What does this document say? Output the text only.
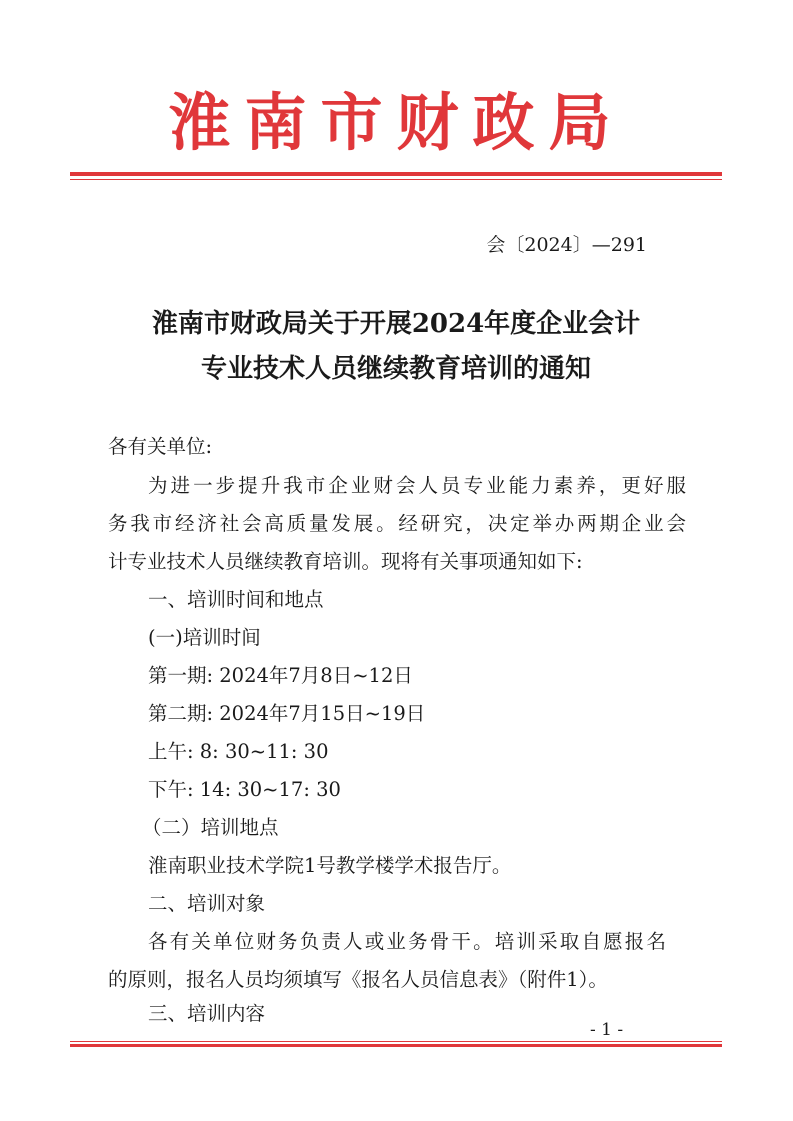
淮南市财政局
会〔2024〕—291
淮南市财政局关于开展2024年度企业会计
专业技术人员继续教育培训的通知
各有关单位:
为进一步提升我市企业财会人员专业能力素养，更好服
务我市经济社会高质量发展。经研究，决定举办两期企业会
计专业技术人员继续教育培训。现将有关事项通知如下:
一、培训时间和地点
(一)培训时间
第一期: 2024年7月8日~12日
第二期: 2024年7月15日~19日
上午: 8: 30~11: 30
下午: 14: 30~17: 30
（二）培训地点
淮南职业技术学院1号教学楼学术报告厅。
二、培训对象
各有关单位财务负责人或业务骨干。培训采取自愿报名
的原则，报名人员均须填写《报名人员信息表》（附件1）。
三、培训内容
- 1 -
